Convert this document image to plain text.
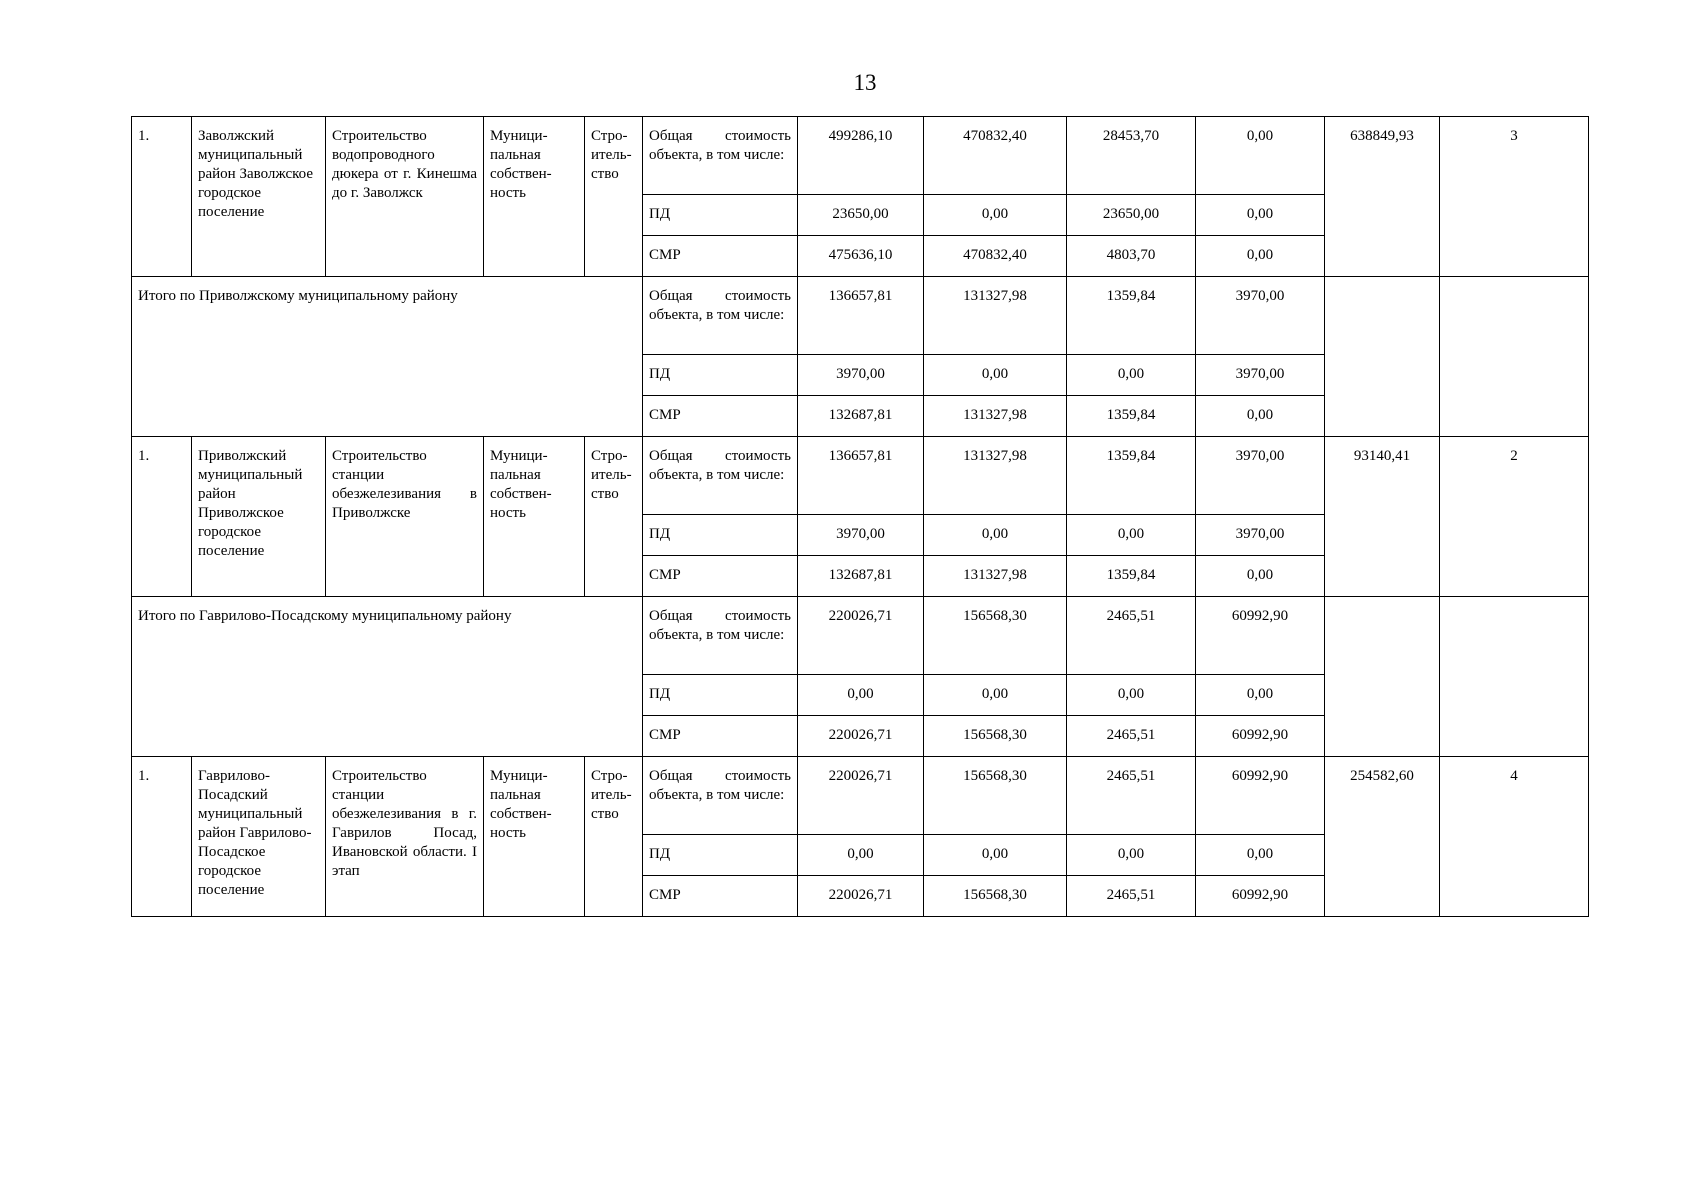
13
1.	Заволжский муниципальный район Заволжское городское поселение	Строительство водопроводного дюкера от г. Кинешма до г. Заволжск	Муници-пальная собствен-ность	Стро-итель-ство	Общая стоимость объекта, в том числе:	499286,10	470832,40	28453,70	0,00	638849,93	3
					ПД	23650,00	0,00	23650,00	0,00		
					СМР	475636,10	470832,40	4803,70	0,00		
Итого по Приволжскому муниципальному району					Общая стоимость объекта, в том числе:	136657,81	131327,98	1359,84	3970,00		
					ПД	3970,00	0,00	0,00	3970,00		
					СМР	132687,81	131327,98	1359,84	0,00		
1.	Приволжский муниципальный район Приволжское городское поселение	Строительство станции обезжелезивания в Приволжске	Муници-пальная собствен-ность	Стро-итель-ство	Общая стоимость объекта, в том числе:	136657,81	131327,98	1359,84	3970,00	93140,41	2
					ПД	3970,00	0,00	0,00	3970,00		
					СМР	132687,81	131327,98	1359,84	0,00		
Итого по Гаврилово-Посадскому муниципальному району					Общая стоимость объекта, в том числе:	220026,71	156568,30	2465,51	60992,90		
					ПД	0,00	0,00	0,00	0,00		
					СМР	220026,71	156568,30	2465,51	60992,90		
1.	Гаврилово-Посадский муниципальный район Гаврилово-Посадское городское поселение	Строительство станции обезжелезивания в г. Гаврилов Посад, Ивановской области. I этап	Муници-пальная собствен-ность	Стро-итель-ство	Общая стоимость объекта, в том числе:	220026,71	156568,30	2465,51	60992,90	254582,60	4
					ПД	0,00	0,00	0,00	0,00		
					СМР	220026,71	156568,30	2465,51	60992,90		
